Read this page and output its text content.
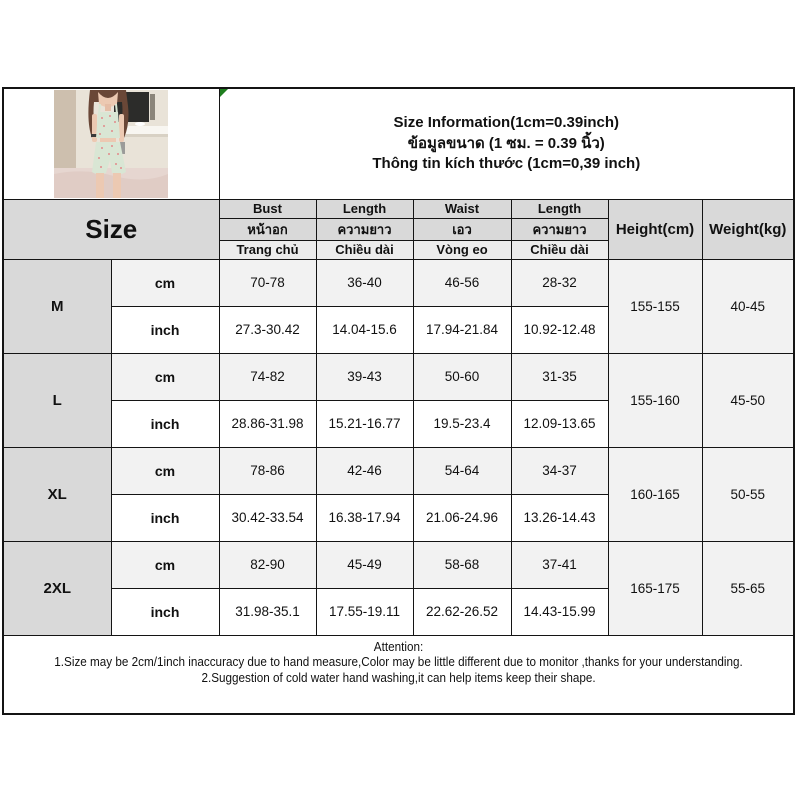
Size Information(1cm=0.39inch)
ข้อมูลขนาด (1 ซม. = 0.39 นิ้ว)
Thông tin kích thước (1cm=0,39 inch)					

Size		Bust	Length	Waist	Length	Height(cm)	Weight(kg)
		หน้าอก	ความยาว	เอว	ความยาว		
		Trang chủ	Chiều dài	Vòng eo	Chiều dài		
M	cm	70-78	36-40	46-56	28-32	155-155	40-45
	inch	27.3-30.42	14.04-15.6	17.94-21.84	10.92-12.48		
L	cm	74-82	39-43	50-60	31-35	155-160	45-50
	inch	28.86-31.98	15.21-16.77	19.5-23.4	12.09-13.65		
XL	cm	78-86	42-46	54-64	34-37	160-165	50-55
	inch	30.42-33.54	16.38-17.94	21.06-24.96	13.26-14.43		
2XL	cm	82-90	45-49	58-68	37-41	165-175	55-65
	inch	31.98-35.1	17.55-19.11	22.62-26.52	14.43-15.99		

Attention:
1.Size may be 2cm/1inch inaccuracy due to hand measure,Color may be little different due to monitor ,thanks for your understanding.
2.Suggestion of cold water hand washing,it can help items keep their shape.							
